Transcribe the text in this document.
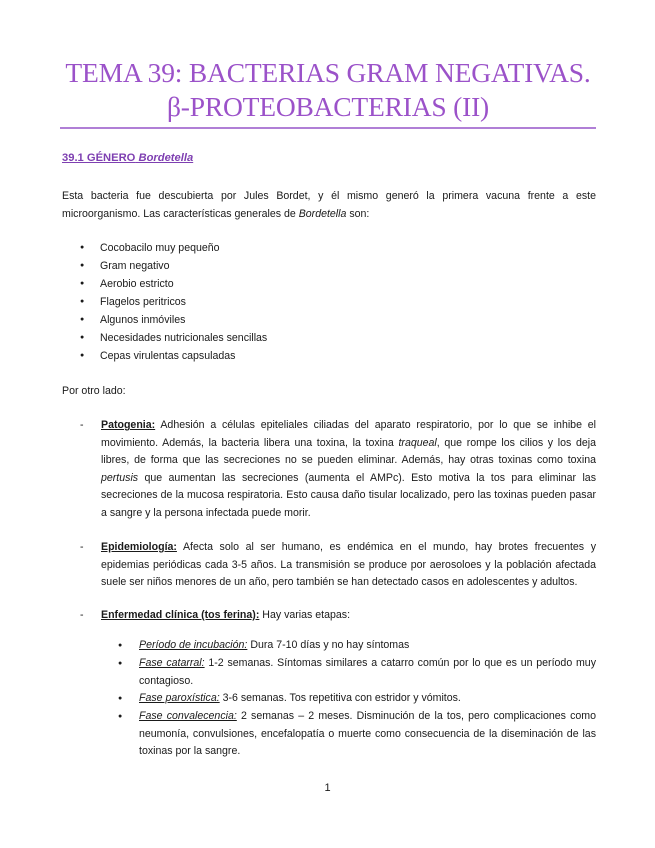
TEMA 39: BACTERIAS GRAM NEGATIVAS.
β-PROTEOBACTERIAS (II)
39.1 GÉNERO Bordetella
Esta bacteria fue descubierta por Jules Bordet, y él mismo generó la primera vacuna frente a este microorganismo. Las características generales de Bordetella son:
● Cocobacilo muy pequeño
● Gram negativo
● Aerobio estricto
● Flagelos peritricos
● Algunos inmóviles
● Necesidades nutricionales sencillas
● Cepas virulentas capsuladas
Por otro lado:
- Patogenia: Adhesión a células epiteliales ciliadas del aparato respiratorio, por lo que se inhibe el movimiento. Además, la bacteria libera una toxina, la toxina traqueal, que rompe los cilios y los deja libres, de forma que las secreciones no se pueden eliminar. Además, hay otras toxinas como toxina pertusis que aumentan las secreciones (aumenta el AMPc). Esto motiva la tos para eliminar las secreciones de la mucosa respiratoria. Esto causa daño tisular localizado, pero las toxinas pueden pasar a sangre y la persona infectada puede morir.
- Epidemiología: Afecta solo al ser humano, es endémica en el mundo, hay brotes frecuentes y epidemias periódicas cada 3-5 años. La transmisión se produce por aerosoloes y la población afectada suele ser niños menores de un año, pero también se han detectado casos en adolescentes y adultos.
- Enfermedad clínica (tos ferina): Hay varias etapas:
● Período de incubación: Dura 7-10 días y no hay síntomas
● Fase catarral: 1-2 semanas. Síntomas similares a catarro común por lo que es un período muy contagioso.
● Fase paroxística: 3-6 semanas. Tos repetitiva con estridor y vómitos.
● Fase convalecencia: 2 semanas – 2 meses. Disminución de la tos, pero complicaciones como neumonía, convulsiones, encefalopatía o muerte como consecuencia de la diseminación de las toxinas por la sangre.
1
